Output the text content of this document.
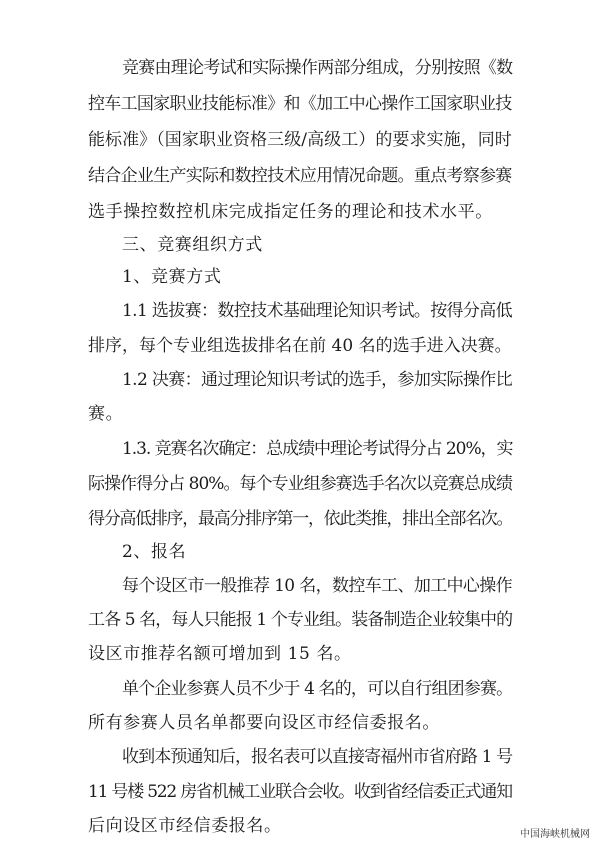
竞赛由理论考试和实际操作两部分组成，分别按照《数

控车工国家职业技能标准》和《加工中心操作工国家职业技

能标准》（国家职业资格三级/高级工）的要求实施，同时

结合企业生产实际和数控技术应用情况命题。重点考察参赛

选手操控数控机床完成指定任务的理论和技术水平。

三、竞赛组织方式

1、竞赛方式

1.1 选拔赛：数控技术基础理论知识考试。按得分高低

排序，每个专业组选拔排名在前 40 名的选手进入决赛。

1.2 决赛：通过理论知识考试的选手，参加实际操作比

赛。

1.3. 竞赛名次确定：总成绩中理论考试得分占 20%，实

际操作得分占 80%。每个专业组参赛选手名次以竞赛总成绩

得分高低排序，最高分排序第一，依此类推，排出全部名次。

2、报名

每个设区市一般推荐 10 名，数控车工、加工中心操作

工各 5 名，每人只能报 1 个专业组。装备制造企业较集中的

设区市推荐名额可增加到 15 名。

单个企业参赛人员不少于 4 名的，可以自行组团参赛。

所有参赛人员名单都要向设区市经信委报名。

收到本预通知后，报名表可以直接寄福州市省府路 1 号

11 号楼 522 房省机械工业联合会收。收到省经信委正式通知

后向设区市经信委报名。	中国海峡机械网
